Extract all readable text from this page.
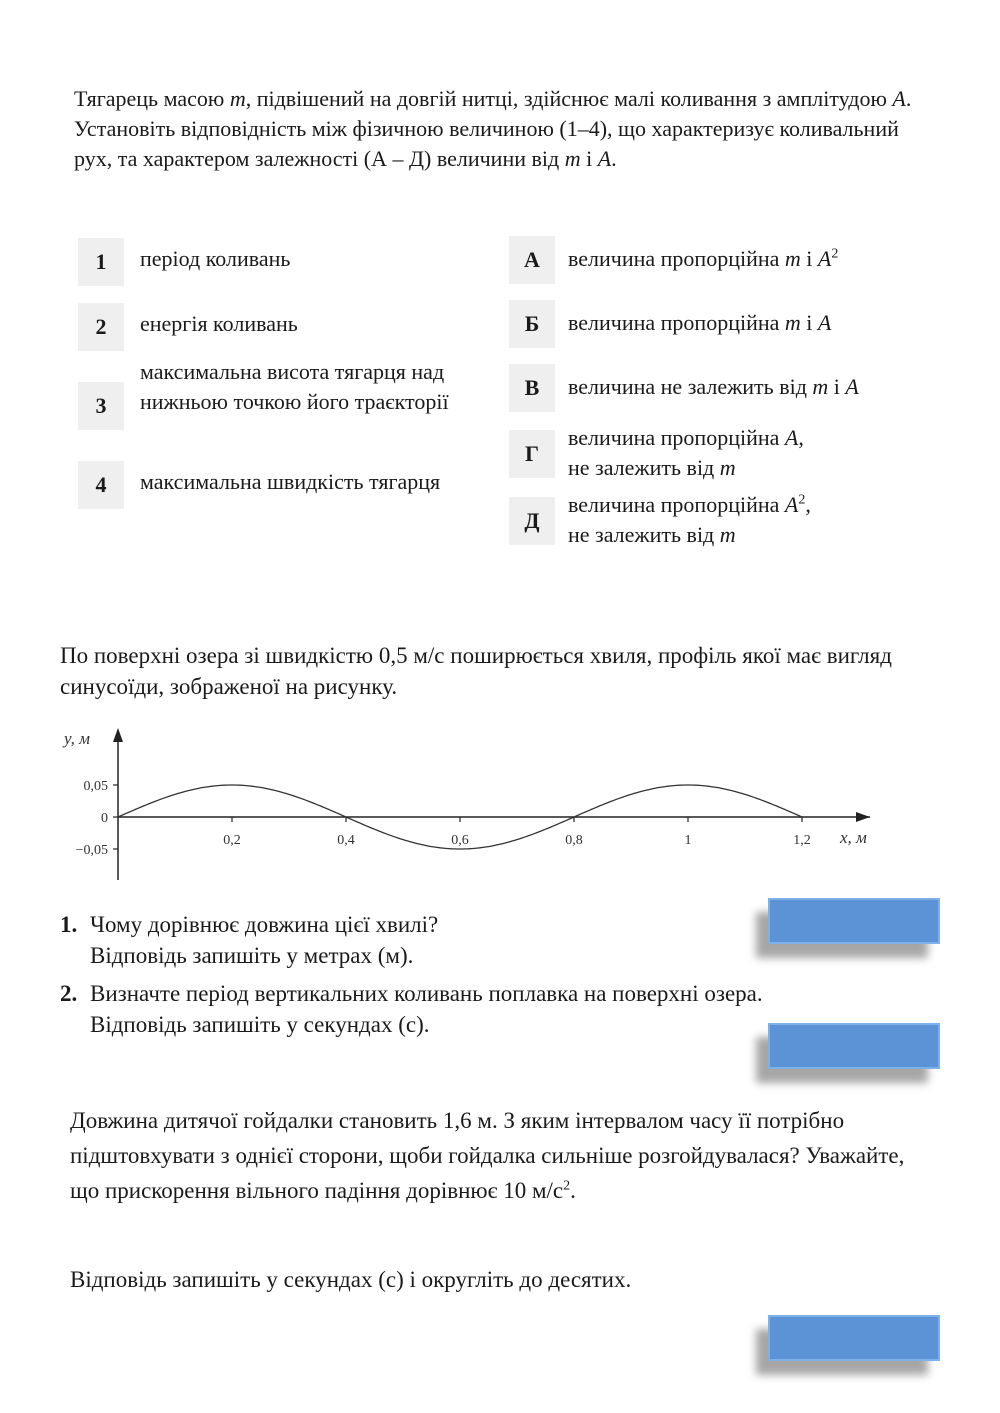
Тягарець масою m, підвішений на довгій нитці, здійснює малі коливання з амплітудою A. Установіть відповідність між фізичною величиною (1–4), що характеризує коливальний рух, та характером залежності (А – Д) величини від m і A.
1	період коливань
2	енергія коливань
3
максимальна висота тягарця над нижньою точкою його траєкторії
4	максимальна швидкість тягарця
А	величина пропорційна m і $A^2$
Б	величина пропорційна m і A
В	величина не залежить від m і A
Г
величина пропорційна A,
не залежить від m
Д
величина пропорційна $A^2$,
не залежить від m
По поверхні озера зі швидкістю 0,5 м/с поширюється хвиля, профіль якої має вигляд синусоїди, зображеної на рисунку.
y, м
x, м
0,05
0
−0,05
0,2	0,4	0,6	0,8	1	1,2
1. Чому дорівнює довжина цієї хвилі?
Відповідь запишіть у метрах (м).
2. Визначте період вертикальних коливань поплавка на поверхні озера.
Відповідь запишіть у секундах (с).
Довжина дитячої гойдалки становить 1,6 м. З яким інтервалом часу її потрібно підштовхувати з однієї сторони, щоби гойдалка сильніше розгойдувалася? Уважайте, що прискорення вільного падіння дорівнює 10 $м/с^2$.
Відповідь запишіть у секундах (с) і округліть до десятих.
